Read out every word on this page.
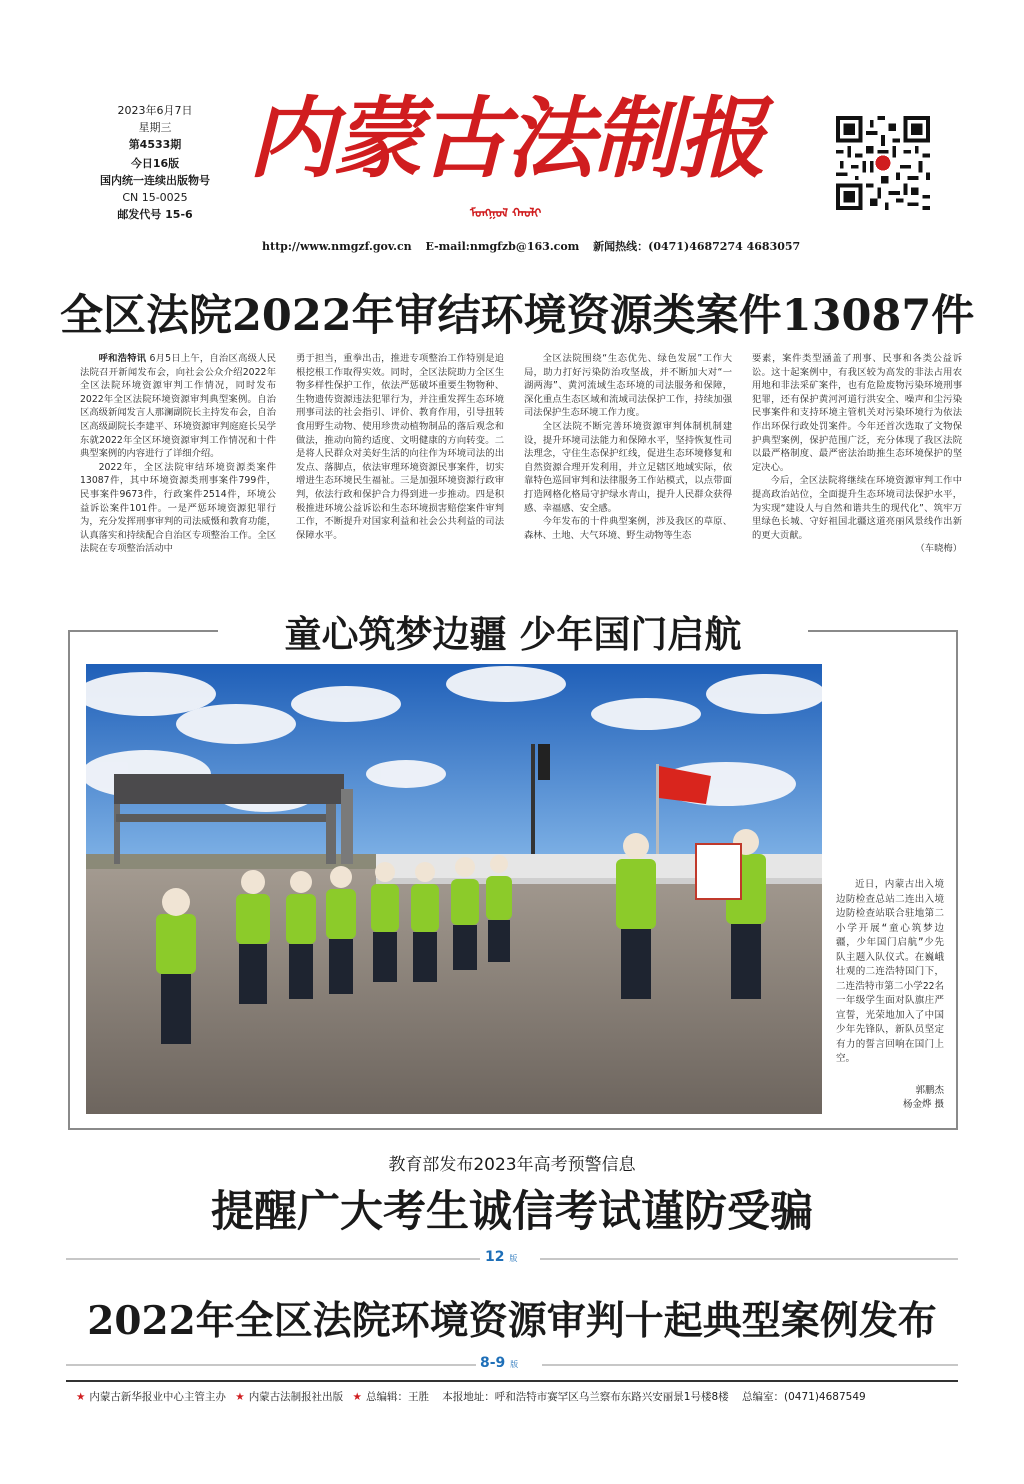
2023年6月7日
星期三
第4533期
今日16版
国内统一连续出版物号
CN 15-0025
邮发代号 15-6
内蒙古法制报
ᠮᠣᠩᠭᠣᠯ ᠬᠠᠤᠯᠢ
http://www.nmgzf.gov.cn E-mail:nmgfzb@163.com 新闻热线：(0471)4687274 4683057
全区法院2022年审结环境资源类案件13087件

呼和浩特讯 6月5日上午，自治区高级人民法院召开新闻发布会，向社会公众介绍2022年全区法院环境资源审判工作情况，同时发布2022年全区法院环境资源审判典型案例。自治区高级新闻发言人那澜副院长主持发布会，自治区高级副院长李建平、环境资源审判庭庭长吴学东就2022年全区环境资源审判工作情况和十件典型案例的内容进行了详细介绍。

2022年，全区法院审结环境资源类案件13087件，其中环境资源类刑事案件799件，民事案件9673件，行政案件2514件，环境公益诉讼案件101件。一是严惩环境资源犯罪行为，充分发挥刑事审判的司法威慑和教育功能，认真落实和持续配合自治区专项整治工作。全区法院在专项整治活动中

勇于担当，重拳出击，推进专项整治工作特别是追根挖根工作取得实效。同时，全区法院助力全区生物多样性保护工作，依法严惩破坏重要生物物种、生物遗传资源违法犯罪行为，并注重发挥生态环境刑事司法的社会指引、评价、教育作用，引导扭转食用野生动物、使用珍贵动植物制品的落后观念和做法，推动向简约适度、文明健康的方向转变。二是将人民群众对美好生活的向往作为环境司法的出发点、落脚点，依法审理环境资源民事案件，切实增进生态环境民生福祉。三是加强环境资源行政审判，依法行政和保护合力得到进一步推动。四是积极推进环境公益诉讼和生态环境损害赔偿案件审判工作，不断提升对国家利益和社会公共利益的司法保障水平。

全区法院围绕“生态优先、绿色发展”工作大局，助力打好污染防治攻坚战，并不断加大对“一湖两海”、黄河流域生态环境的司法服务和保障，深化重点生态区域和流域司法保护工作，持续加强司法保护生态环境工作力度。

全区法院不断完善环境资源审判体制机制建设，提升环境司法能力和保障水平，坚持恢复性司法理念，守住生态保护红线，促进生态环境修复和自然资源合理开发利用，并立足辖区地域实际，依靠特色巡回审判和法律服务工作站模式，以点带面打造网格化格局守护绿水青山，提升人民群众获得感、幸福感、安全感。

今年发布的十件典型案例，涉及我区的草原、森林、土地、大气环境、野生动物等生态

要素，案件类型涵盖了刑事、民事和各类公益诉讼。这十起案例中，有我区较为高发的非法占用农用地和非法采矿案件，也有危险废物污染环境刑事犯罪，还有保护黄河河道行洪安全、噪声和尘污染民事案件和支持环境主管机关对污染环境行为依法作出环保行政处罚案件。今年还首次选取了文物保护典型案例，保护范围广泛，充分体现了我区法院以最严格制度、最严密法治助推生态环境保护的坚定决心。

今后，全区法院将继续在环境资源审判工作中提高政治站位，全面提升生态环境司法保护水平，为实现“建设人与自然和谐共生的现代化”、筑牢万里绿色长城、守好祖国北疆这道亮丽风景线作出新的更大贡献。

（车晓梅）

童心筑梦边疆 少年国门启航

近日，内蒙古出入境边防检查总站二连出入境边防检查站联合驻地第二小学开展“童心筑梦边疆，少年国门启航”少先队主题入队仪式。在巍峨壮观的二连浩特国门下，二连浩特市第二小学22名一年级学生面对队旗庄严宣誓，光荣地加入了中国少年先锋队，新队员坚定有力的誓言回响在国门上空。

郭鹏杰
杨金烨 摄
教育部发布2023年高考预警信息
提醒广大考生诚信考试谨防受骗
12 版
2022年全区法院环境资源审判十起典型案例发布
8-9 版
★ 内蒙古新华报业中心主管主办 ★ 内蒙古法制报社出版 ★ 总编辑：王胜 本报地址：呼和浩特市赛罕区乌兰察布东路兴安丽景1号楼8楼 总编室：(0471)4687549
